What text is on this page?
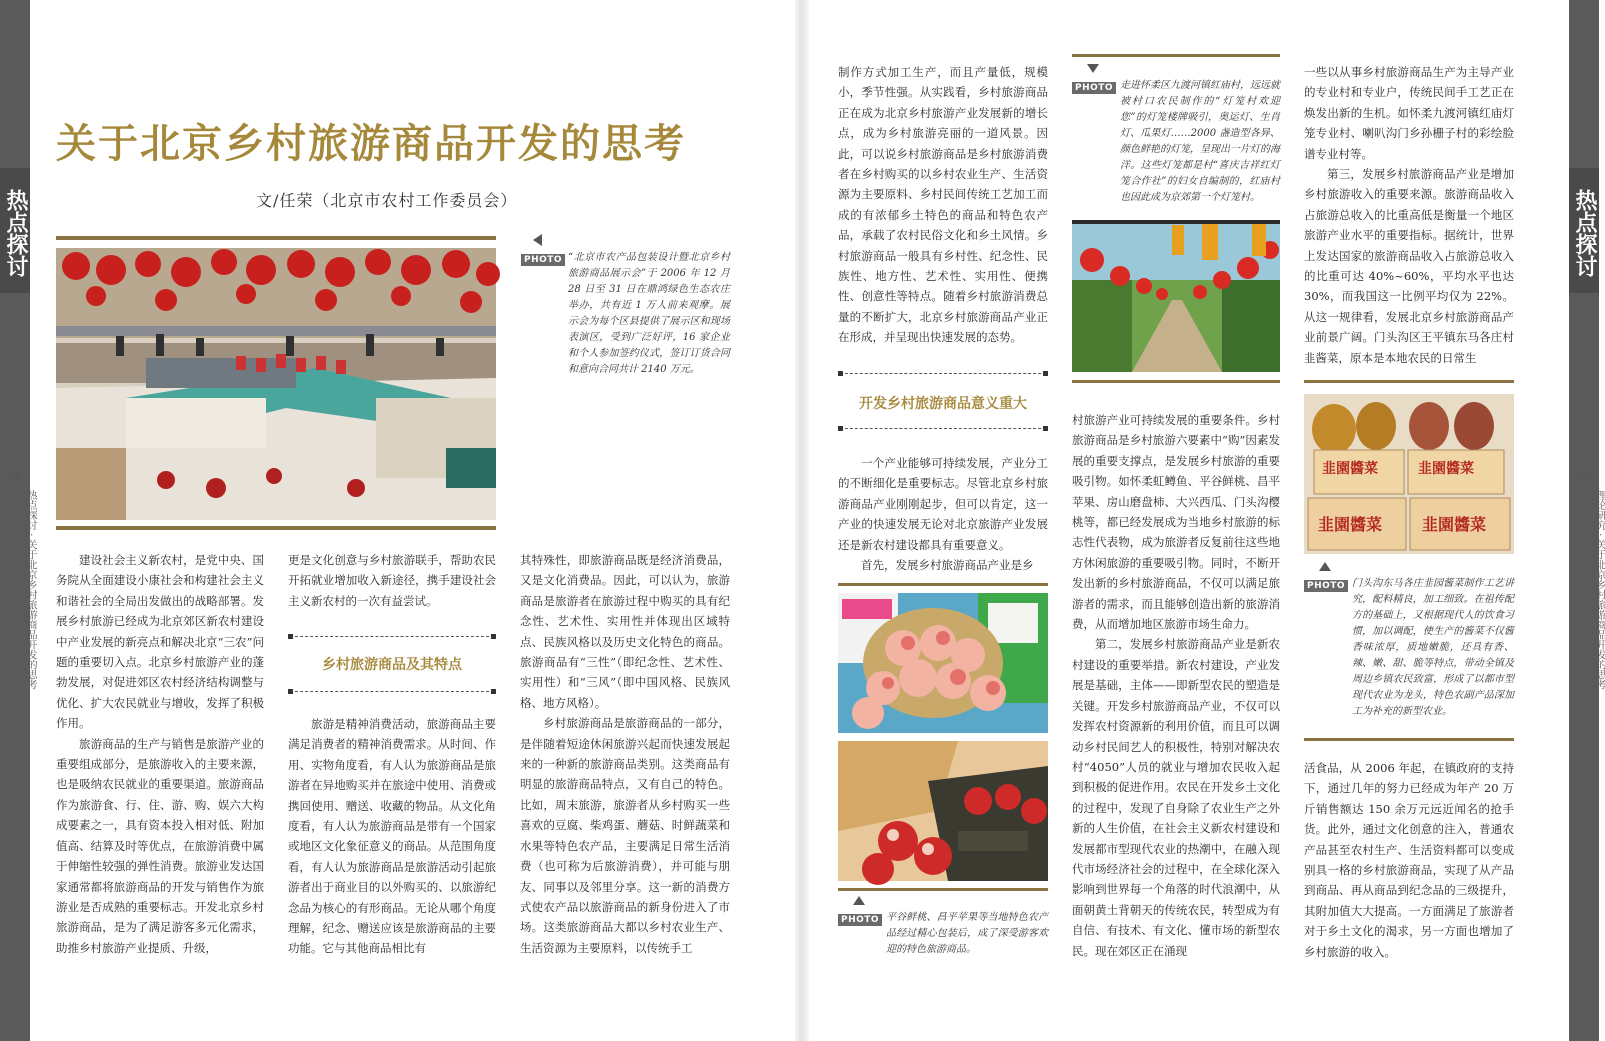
热点探讨
24
热点探讨 · 关于北京乡村旅游商品开发的思考
热点探讨
25
理论研究 · 关于北京乡村旅游商品开发的思考
关于北京乡村旅游商品开发的思考
文/任荣（北京市农村工作委员会）
PHOTO “北京市农产品包装设计暨北京乡村旅游商品展示会”于 2006 年 12 月 28 日至 31 日在鼎鸿绿色生态农庄举办，共有近 1 万人前来观摩。展示会为每个区县提供了展示区和现场表演区，受到广泛好评，16 家企业和个人参加签约仪式，签订订货合同和意向合同共计 2140 万元。

建设社会主义新农村，是党中央、国务院从全面建设小康社会和构建社会主义和谐社会的全局出发做出的战略部署。发展乡村旅游已经成为北京郊区新农村建设中产业发展的新亮点和解决北京“三农”问题的重要切入点。北京乡村旅游产业的蓬勃发展，对促进郊区农村经济结构调整与优化、扩大农民就业与增收，发挥了积极作用。

旅游商品的生产与销售是旅游产业的重要组成部分，是旅游收入的主要来源，也是吸纳农民就业的重要渠道。旅游商品作为旅游食、行、住、游、购、娱六大构成要素之一，具有资本投入相对低、附加值高、结算及时等优点，在旅游消费中属于伸缩性较强的弹性消费。旅游业发达国家通常都将旅游商品的开发与销售作为旅游业是否成熟的重要标志。开发北京乡村旅游商品，是为了满足游客多元化需求，助推乡村旅游产业提质、升级，

更是文化创意与乡村旅游联手，帮助农民开拓就业增加收入新途径，携手建设社会主义新农村的一次有益尝试。

乡村旅游商品及其特点

旅游是精神消费活动，旅游商品主要满足消费者的精神消费需求。从时间、作用、实物角度看，有人认为旅游商品是旅游者在异地购买并在旅途中使用、消费或携回使用、赠送、收藏的物品。从文化角度看，有人认为旅游商品是带有一个国家或地区文化象征意义的商品。从范围角度看，有人认为旅游商品是旅游活动引起旅游者出于商业目的以外购买的、以旅游纪念品为核心的有形商品。无论从哪个角度理解，纪念、赠送应该是旅游商品的主要功能。它与其他商品相比有

其特殊性，即旅游商品既是经济消费品，又是文化消费品。因此，可以认为，旅游商品是旅游者在旅游过程中购买的具有纪念性、艺术性、实用性并体现出区域特点、民族风格以及历史文化特色的商品。旅游商品有“三性”（即纪念性、艺术性、实用性）和“三风”（即中国风格、民族风格、地方风格）。

乡村旅游商品是旅游商品的一部分，是伴随着短途休闲旅游兴起而快速发展起来的一种新的旅游商品类别。这类商品有明显的旅游商品特点，又有自己的特色。比如，周末旅游，旅游者从乡村购买一些喜欢的豆腐、柴鸡蛋、蘑菇、时鲜蔬菜和水果等特色农产品，主要满足日常生活消费（也可称为后旅游消费），并可能与朋友、同事以及邻里分享。这一新的消费方式使农产品以旅游商品的新身份进入了市场。这类旅游商品大都以乡村农业生产、生活资源为主要原料，以传统手工

制作方式加工生产，而且产量低，规模小，季节性强。从实践看，乡村旅游商品正在成为北京乡村旅游产业发展新的增长点，成为乡村旅游亮丽的一道风景。因此，可以说乡村旅游商品是乡村旅游消费者在乡村购买的以乡村农业生产、生活资源为主要原料、乡村民间传统工艺加工而成的有浓郁乡土特色的商品和特色农产品，承载了农村民俗文化和乡土风情。乡村旅游商品一般具有乡村性、纪念性、民族性、地方性、艺术性、实用性、便携性、创意性等特点。随着乡村旅游消费总量的不断扩大，北京乡村旅游商品产业正在形成，并呈现出快速发展的态势。

开发乡村旅游商品意义重大

一个产业能够可持续发展，产业分工的不断细化是重要标志。尽管北京乡村旅游商品产业刚刚起步，但可以肯定，这一产业的快速发展无论对北京旅游产业发展还是新农村建设都具有重要意义。

首先，发展乡村旅游商品产业是乡

PHOTO 平谷鲜桃、昌平苹果等当地特色农产品经过精心包装后，成了深受游客欢迎的特色旅游商品。
PHOTO 走进怀柔区九渡河镇红庙村，远远就被村口农民制作的“灯笼村欢迎您”的灯笼楼牌吸引，奥运灯、生肖灯、瓜果灯……2000 盏造型各异、颜色鲜艳的灯笼，呈现出一片灯的海洋。这些灯笼都是村“喜庆吉祥红灯笼合作社”的妇女自编制的，红庙村也因此成为京郊第一个灯笼村。

村旅游产业可持续发展的重要条件。乡村旅游商品是乡村旅游六要素中“购”因素发展的重要支撑点，是发展乡村旅游的重要吸引物。如怀柔虹鳟鱼、平谷鲜桃、昌平苹果、房山磨盘柿、大兴西瓜、门头沟樱桃等，都已经发展成为当地乡村旅游的标志性代表物，成为旅游者反复前往这些地方休闲旅游的重要吸引物。同时，不断开发出新的乡村旅游商品，不仅可以满足旅游者的需求，而且能够创造出新的旅游消费，从而增加地区旅游市场生命力。

第二，发展乡村旅游商品产业是新农村建设的重要举措。新农村建设，产业发展是基础，主体——即新型农民的塑造是关键。开发乡村旅游商品产业，不仅可以发挥农村资源新的利用价值，而且可以调动乡村民间艺人的积极性，特别对解决农村“4050”人员的就业与增加农民收入起到积极的促进作用。农民在开发乡土文化的过程中，发现了自身除了农业生产之外新的人生价值，在社会主义新农村建设和发展都市型现代农业的热潮中，在融入现代市场经济社会的过程中，在全球化深入影响到世界每一个角落的时代浪潮中，从面朝黄土背朝天的传统农民，转型成为有自信、有技术、有文化、懂市场的新型农民。现在郊区正在涌现

一些以从事乡村旅游商品生产为主导产业的专业村和专业户，传统民间手工艺正在焕发出新的生机。如怀柔九渡河镇红庙灯笼专业村、喇叭沟门乡孙栅子村的彩绘脸谱专业村等。

第三，发展乡村旅游商品产业是增加乡村旅游收入的重要来源。旅游商品收入占旅游总收入的比重高低是衡量一个地区旅游产业水平的重要指标。据统计，世界上发达国家的旅游商品收入占旅游总收入的比重可达 40%~60%，平均水平也达 30%，而我国这一比例平均仅为 22%。从这一规律看，发展北京乡村旅游商品产业前景广阔。门头沟区王平镇东马各庄村韭酱菜，原本是本地农民的日常生

韭園醬菜	韭園醬菜
韭園醬菜 韭園醬菜
PHOTO 门头沟东马各庄韭园酱菜制作工艺讲究，配料精良，加工细致。在祖传配方的基础上，又根据现代人的饮食习惯，加以调配，使生产的酱菜不仅酱香味浓厚，质地嫩脆，还具有香、辣、嫩、甜、脆等特点，带动全镇及周边乡镇农民致富，形成了以都市型现代农业为龙头，特色农副产品深加工为补充的新型农业。

活食品，从 2006 年起，在镇政府的支持下，通过几年的努力已经成为年产 20 万斤销售额达 150 余万元远近闻名的抢手货。此外，通过文化创意的注入，普通农产品甚至农村生产、生活资料都可以变成别具一格的乡村旅游商品，实现了从产品到商品、再从商品到纪念品的三级提升，其附加值大大提高。一方面满足了旅游者对于乡土文化的渴求，另一方面也增加了乡村旅游的收入。
